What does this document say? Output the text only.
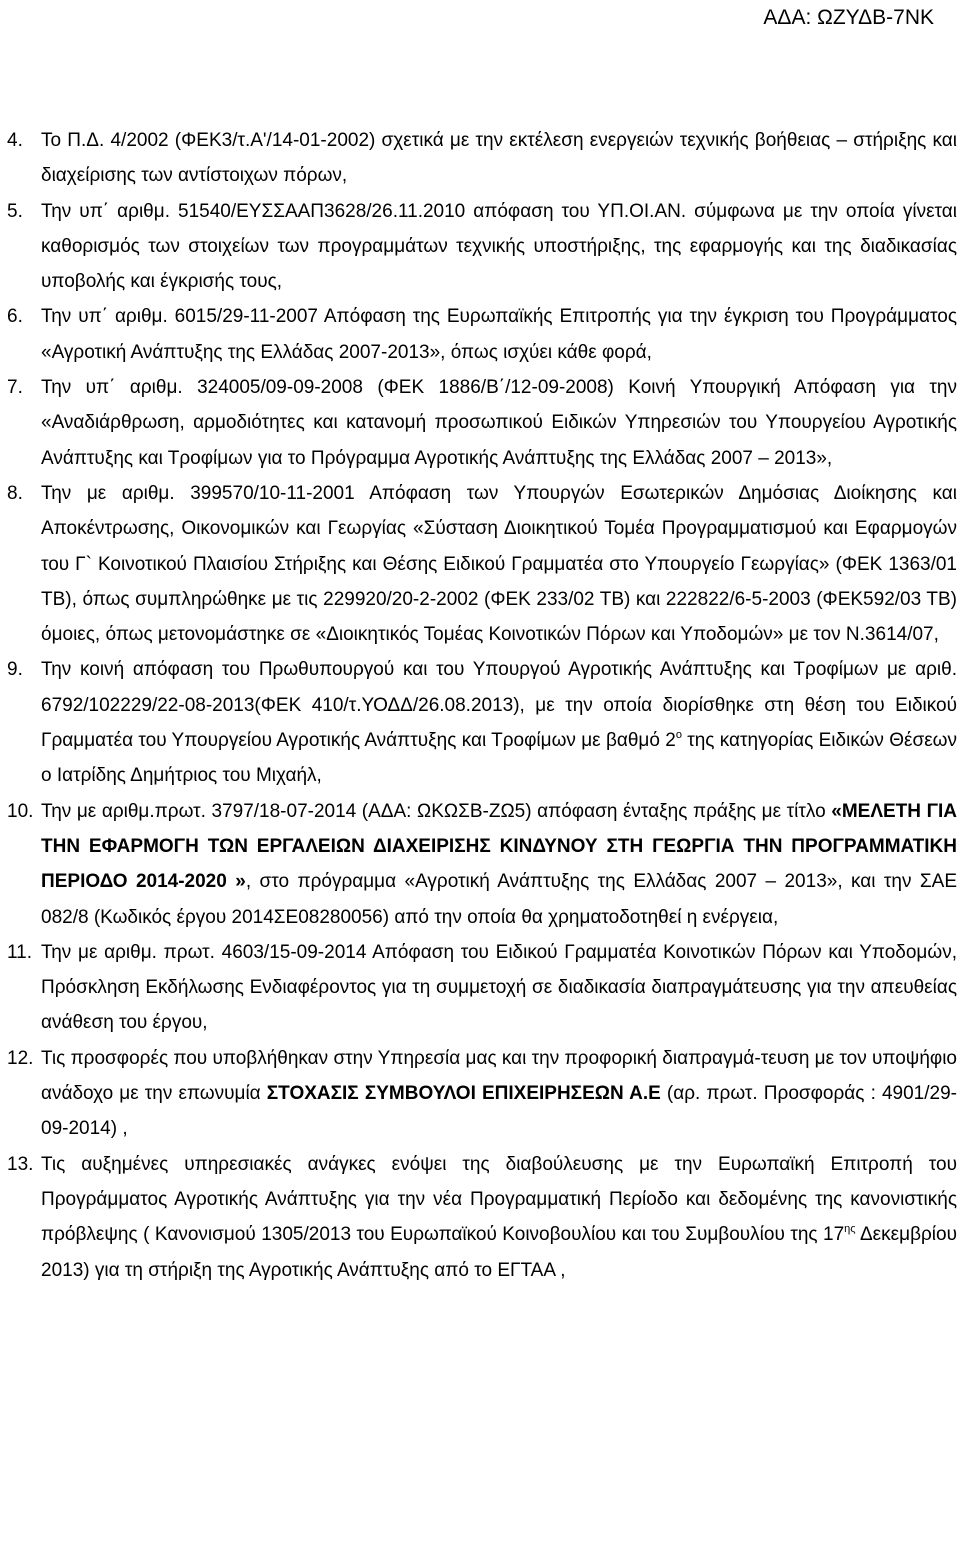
ΑΔΑ: ΩΖΥΔΒ-7ΝΚ

4. Το Π.Δ. 4/2002 (ΦΕΚ3/τ.Α'/14-01-2002) σχετικά με την εκτέλεση ενεργειών τεχνικής βοήθειας – στήριξης και διαχείρισης των αντίστοιχων πόρων,

5. Την υπ΄ αριθμ. 51540/ΕΥΣΣΑΑΠ3628/26.11.2010 απόφαση του ΥΠ.ΟΙ.ΑΝ. σύμφωνα με την οποία γίνεται καθορισμός των στοιχείων των προγραμμάτων τεχνικής υποστήριξης, της εφαρμογής και της διαδικασίας υποβολής και έγκρισής τους,

6. Την υπ΄ αριθμ. 6015/29-11-2007 Απόφαση της Ευρωπαϊκής Επιτροπής για την έγκριση του Προγράμματος «Αγροτική Ανάπτυξης της Ελλάδας 2007-2013», όπως ισχύει κάθε φορά,

7. Την υπ΄ αριθμ. 324005/09-09-2008 (ΦΕΚ 1886/Β΄/12-09-2008) Κοινή Υπουργική Απόφαση για την «Αναδιάρθρωση, αρμοδιότητες και κατανομή προσωπικού Ειδικών Υπηρεσιών του Υπουργείου Αγροτικής Ανάπτυξης και Τροφίμων για το Πρόγραμμα Αγροτικής Ανάπτυξης της Ελλάδας 2007 – 2013»,

8. Την με αριθμ. 399570/10-11-2001 Απόφαση των Υπουργών Εσωτερικών Δημόσιας Διοίκησης και Αποκέντρωσης, Οικονομικών και Γεωργίας «Σύσταση Διοικητικού Τομέα Προγραμματισμού και Εφαρμογών του Γ` Κοινοτικού Πλαισίου Στήριξης και Θέσης Ειδικού Γραμματέα στο Υπουργείο Γεωργίας» (ΦΕΚ 1363/01 ΤΒ), όπως συμπληρώθηκε με τις 229920/20-2-2002 (ΦΕΚ 233/02 ΤΒ) και 222822/6-5-2003 (ΦΕΚ592/03 ΤΒ) όμοιες, όπως μετονομάστηκε σε «Διοικητικός Τομέας Κοινοτικών Πόρων και Υποδομών» με τον Ν.3614/07,

9. Την κοινή απόφαση του Πρωθυπουργού και του Υπουργού Αγροτικής Ανάπτυξης και Τροφίμων με αριθ. 6792/102229/22-08-2013(ΦΕΚ 410/τ.ΥΟΔΔ/26.08.2013), με την οποία διορίσθηκε στη θέση του Ειδικού Γραμματέα του Υπουργείου Αγροτικής Ανάπτυξης και Τροφίμων με βαθμό $2^o$ της κατηγορίας Ειδικών Θέσεων ο Ιατρίδης Δημήτριος του Μιχαήλ,

10. Την με αριθμ.πρωτ. 3797/18-07-2014 (ΑΔΑ: ΩΚΩΣΒ-ΖΩ5) απόφαση ένταξης πράξης με τίτλο «ΜΕΛΕΤΗ ΓΙΑ ΤΗΝ ΕΦΑΡΜΟΓΗ ΤΩΝ ΕΡΓΑΛΕΙΩΝ ΔΙΑΧΕΙΡΙΣΗΣ ΚΙΝΔΥΝΟΥ ΣΤΗ ΓΕΩΡΓΙΑ ΤΗΝ ΠΡΟΓΡΑΜΜΑΤΙΚΗ ΠΕΡΙΟΔΟ 2014-2020 », στο πρόγραμμα «Αγροτική Ανάπτυξης της Ελλάδας 2007 – 2013», και την ΣΑΕ 082/8 (Κωδικός έργου 2014ΣΕ08280056) από την οποία θα χρηματοδοτηθεί η ενέργεια,

11. Την με αριθμ. πρωτ. 4603/15-09-2014 Απόφαση του Ειδικού Γραμματέα Κοινοτικών Πόρων και Υποδομών, Πρόσκληση Εκδήλωσης Ενδιαφέροντος για τη συμμετοχή σε διαδικασία διαπραγμάτευσης για την απευθείας ανάθεση του έργου,

12. Τις προσφορές που υποβλήθηκαν στην Υπηρεσία μας και την προφορική διαπραγμά-τευση με τον υποψήφιο ανάδοχο με την επωνυμία ΣΤΟΧΑΣΙΣ ΣΥΜΒΟΥΛΟΙ ΕΠΙΧΕΙΡΗΣΕΩΝ Α.Ε (αρ. πρωτ. Προσφοράς : 4901/29-09-2014) ,

13. Τις αυξημένες υπηρεσιακές ανάγκες ενόψει της διαβούλευσης με την Ευρωπαϊκή Επιτροπή του Προγράμματος Αγροτικής Ανάπτυξης για την νέα Προγραμματική Περίοδο και δεδομένης της κανονιστικής πρόβλεψης ( Κανονισμού 1305/2013 του Ευρωπαϊκού Κοινοβουλίου και του Συμβουλίου της $17^{\eta\varsigma}$ Δεκεμβρίου 2013) για τη στήριξη της Αγροτικής Ανάπτυξης από το ΕΓΤΑΑ ,
